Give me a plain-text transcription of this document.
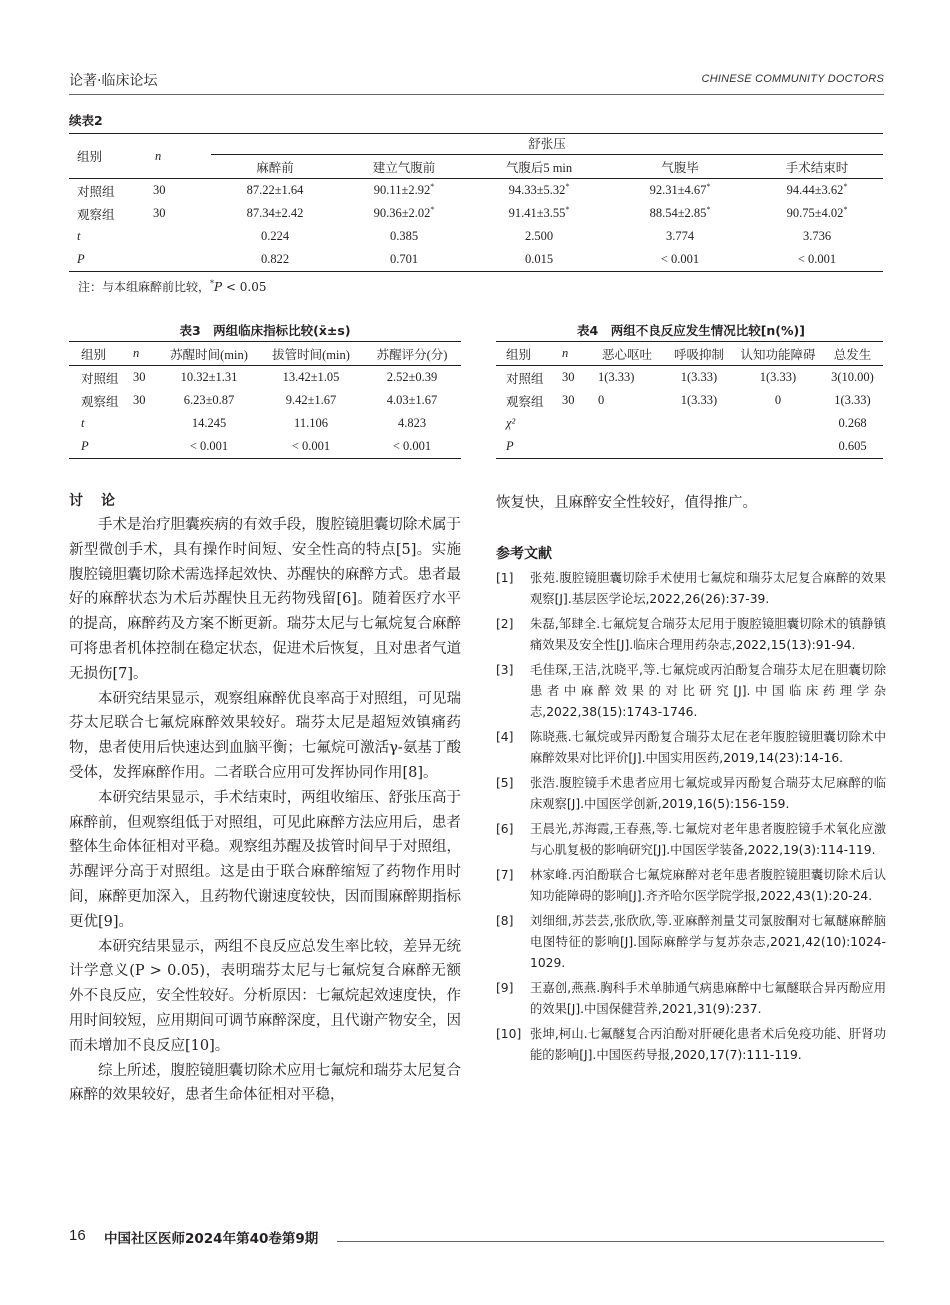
论著·临床论坛	CHINESE COMMUNITY DOCTORS
续表2
组别	n	舒张压				

		麻醉前	建立气腹前	气腹后5 min	气腹毕	手术结束时
对照组	30	87.22±1.64	90.11±2.92*	94.33±5.32*	92.31±4.67*	94.44±3.62*
观察组	30	87.34±2.42	90.36±2.02*	91.41±3.55*	88.54±2.85*	90.75±4.02*
t		0.224	0.385	2.500	3.774	3.736
P		0.822	0.701	0.015	< 0.001	< 0.001
注：与本组麻醉前比较，*P < 0.05
表3　两组临床指标比较(x̄±s)
组别	n	苏醒时间(min)	拔管时间(min)	苏醒评分(分)
对照组	30	10.32±1.31	13.42±1.05	2.52±0.39
观察组	30	6.23±0.87	9.42±1.67	4.03±1.67
t		14.245	11.106	4.823
P		< 0.001	< 0.001	< 0.001
表4　两组不良反应发生情况比较[n(%)]
组别	n	恶心呕吐	呼吸抑制	认知功能障碍	总发生
对照组	30	1(3.33)	1(3.33)	1(3.33)	3(10.00)
观察组	30	0	1(3.33)	0	1(3.33)
χ²					0.268
P					0.605
讨　论

手术是治疗胆囊疾病的有效手段，腹腔镜胆囊切除术属于新型微创手术，具有操作时间短、安全性高的特点[5]。实施腹腔镜胆囊切除术需选择起效快、苏醒快的麻醉方式。患者最好的麻醉状态为术后苏醒快且无药物残留[6]。随着医疗水平的提高，麻醉药及方案不断更新。瑞芬太尼与七氟烷复合麻醉可将患者机体控制在稳定状态，促进术后恢复，且对患者气道无损伤[7]。

本研究结果显示，观察组麻醉优良率高于对照组，可见瑞芬太尼联合七氟烷麻醉效果较好。瑞芬太尼是超短效镇痛药物，患者使用后快速达到血脑平衡；七氟烷可激活γ-氨基丁酸受体，发挥麻醉作用。二者联合应用可发挥协同作用[8]。

本研究结果显示，手术结束时，两组收缩压、舒张压高于麻醉前，但观察组低于对照组，可见此麻醉方法应用后，患者整体生命体征相对平稳。观察组苏醒及拔管时间早于对照组，苏醒评分高于对照组。这是由于联合麻醉缩短了药物作用时间，麻醉更加深入，且药物代谢速度较快，因而围麻醉期指标更优[9]。

本研究结果显示，两组不良反应总发生率比较，差异无统计学意义(P > 0.05)，表明瑞芬太尼与七氟烷复合麻醉无额外不良反应，安全性较好。分析原因：七氟烷起效速度快，作用时间较短，应用期间可调节麻醉深度，且代谢产物安全，因而未增加不良反应[10]。

综上所述，腹腔镜胆囊切除术应用七氟烷和瑞芬太尼复合麻醉的效果较好，患者生命体征相对平稳，

恢复快，且麻醉安全性较好，值得推广。
参考文献
[1]	张苑.腹腔镜胆囊切除手术使用七氟烷和瑞芬太尼复合麻醉的效果观察[J].基层医学论坛,2022,26(26):37-39.
[2]	朱磊,邹肆全.七氟烷复合瑞芬太尼用于腹腔镜胆囊切除术的镇静镇痛效果及安全性[J].临床合理用药杂志,2022,15(13):91-94.
[3]	毛佳琛,王洁,沈晓平,等.七氟烷或丙泊酚复合瑞芬太尼在胆囊切除患者中麻醉效果的对比研究[J].中国临床药理学杂志,2022,38(15):1743-1746.
[4]	陈晓燕.七氟烷或异丙酚复合瑞芬太尼在老年腹腔镜胆囊切除术中麻醉效果对比评价[J].中国实用医药,2019,14(23):14-16.
[5]	张浩.腹腔镜手术患者应用七氟烷或异丙酚复合瑞芬太尼麻醉的临床观察[J].中国医学创新,2019,16(5):156-159.
[6]	王晨光,苏海霞,王春燕,等.七氟烷对老年患者腹腔镜手术氧化应激与心肌复极的影响研究[J].中国医学装备,2022,19(3):114-119.
[7]	林家峰.丙泊酚联合七氟烷麻醉对老年患者腹腔镜胆囊切除术后认知功能障碍的影响[J].齐齐哈尔医学院学报,2022,43(1):20-24.
[8]	刘细细,苏芸芸,张欣欣,等.亚麻醉剂量艾司氯胺酮对七氟醚麻醉脑电图特征的影响[J].国际麻醉学与复苏杂志,2021,42(10):1024-1029.
[9]	王嘉创,燕燕.胸科手术单肺通气病患麻醉中七氟醚联合异丙酚应用的效果[J].中国保健营养,2021,31(9):237.
[10] 张坤,柯山.七氟醚复合丙泊酚对肝硬化患者术后免疫功能、肝肾功能的影响[J].中国医药导报,2020,17(7):111-119.
16 中国社区医师2024年第40卷第9期
